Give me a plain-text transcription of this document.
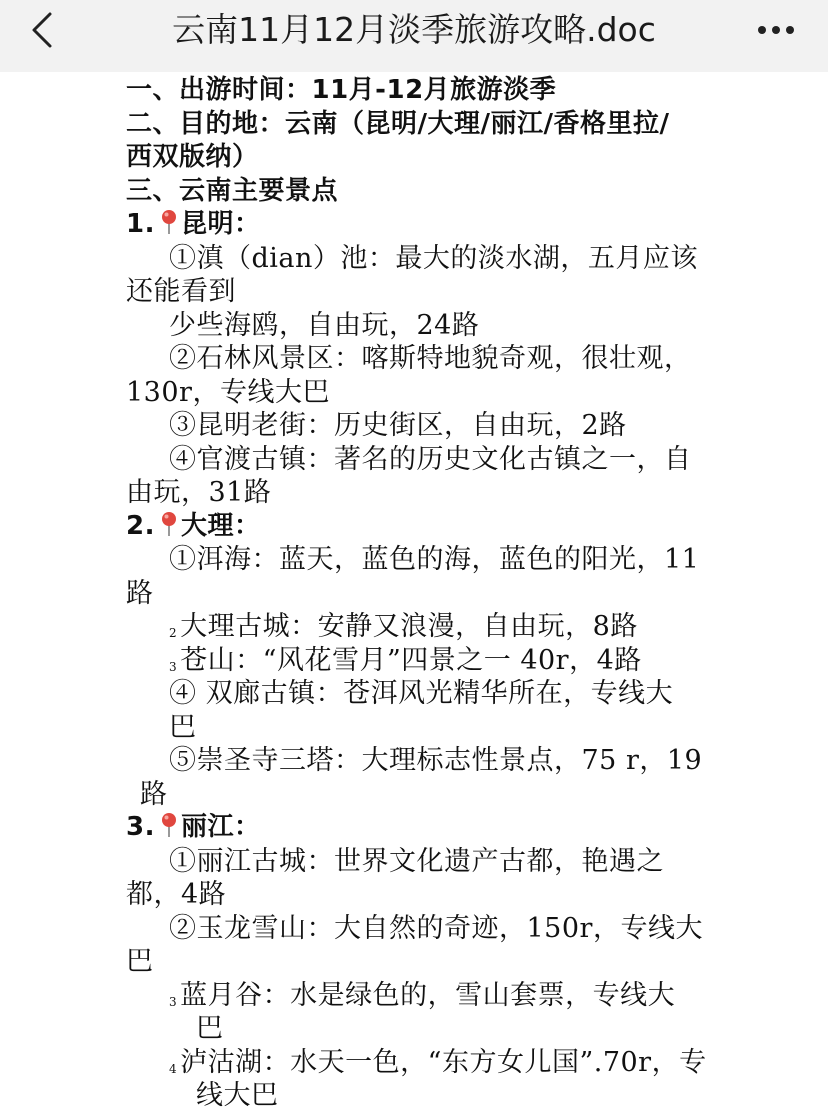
云南11月12月淡季旅游攻略.doc
一、出游时间：11月-12月旅游淡季
二、目的地：云南（昆明/大理/丽江/香格里拉/
西双版纳）
三、云南主要景点
1. 昆明：
①滇（dian）池：最大的淡水湖，五月应该
还能看到
少些海鸥，自由玩，24路
②石林风景区：喀斯特地貌奇观，很壮观，
130r，专线大巴
③昆明老街：历史街区，自由玩，2路
④官渡古镇：著名的历史文化古镇之一，自
由玩，31路
2. 大理：
①洱海：蓝天，蓝色的海，蓝色的阳光，11
路
2 大理古城：安静又浪漫，自由玩，8路
3 苍山：“风花雪月”四景之一 40r，4路
④ 双廊古镇：苍洱风光精华所在，专线大
巴
⑤崇圣寺三塔：大理标志性景点，75 r，19
路
3. 丽江：
①丽江古城：世界文化遗产古都，艳遇之
都，4路
②玉龙雪山：大自然的奇迹，150r，专线大
巴
3 蓝月谷：水是绿色的，雪山套票，专线大
巴
4 泸沽湖：水天一色，“东方女儿国”.70r，专
线大巴
